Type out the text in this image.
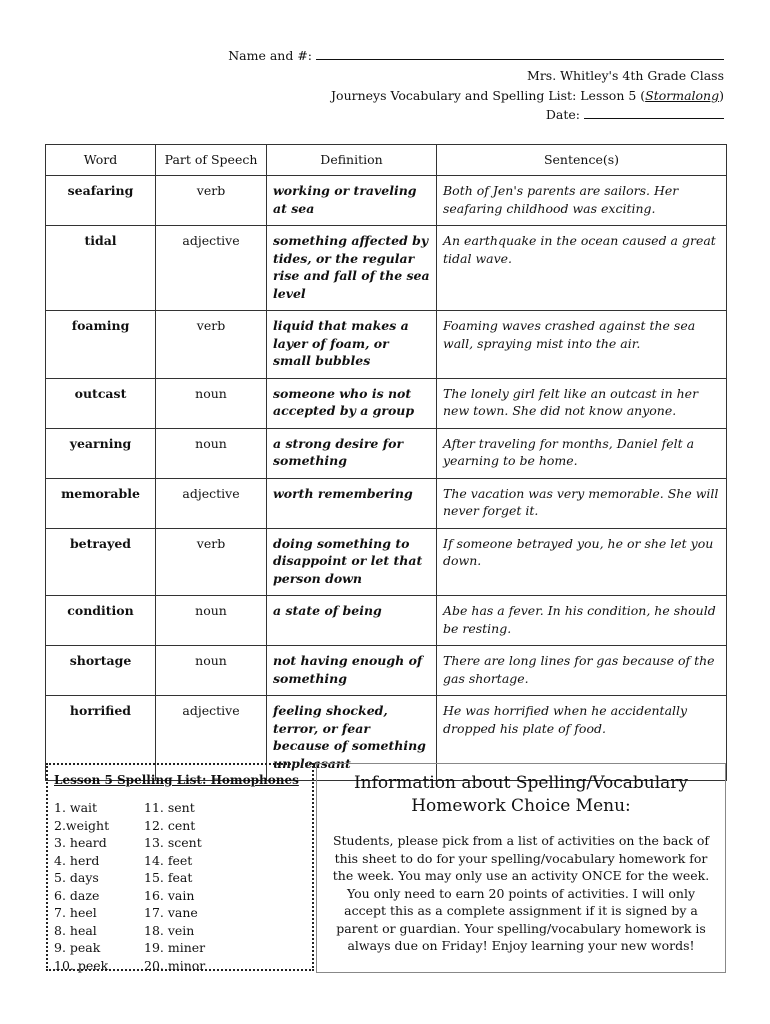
Name and #:
Mrs. Whitley's 4th Grade Class
Journeys Vocabulary and Spelling List: Lesson 5 (Stormalong)
Date:
Word	Part of Speech	Definition	Sentence(s)
seafaring	verb	working or traveling at sea	Both of Jen's parents are sailors. Her seafaring childhood was exciting.
tidal	adjective	something affected by tides, or the regular rise and fall of the sea level	An earthquake in the ocean caused a great tidal wave.
foaming	verb	liquid that makes a layer of foam, or small bubbles	Foaming waves crashed against the sea wall, spraying mist into the air.
outcast	noun	someone who is not accepted by a group	The lonely girl felt like an outcast in her new town. She did not know anyone.
yearning	noun	a strong desire for something	After traveling for months, Daniel felt a yearning to be home.
memorable	adjective	worth remembering	The vacation was very memorable. She will never forget it.
betrayed	verb	doing something to disappoint or let that person down	If someone betrayed you, he or she let you down.
condition	noun	a state of being	Abe has a fever. In his condition, he should be resting.
shortage	noun	not having enough of something	There are long lines for gas because of the gas shortage.
horrified	adjective	feeling shocked, terror, or fear because of something unpleasant	He was horrified when he accidentally dropped his plate of food.
Lesson 5 Spelling List: Homophones
1. wait
2.weight
3. heard
4. herd
5. days
6. daze
7. heel
8. heal
9. peak
10. peek
11. sent
12. cent
13. scent
14. feet
15. feat
16. vain
17. vane
18. vein
19. miner
20. minor

Information about Spelling/Vocabulary Homework Choice Menu:

Students, please pick from a list of activities on the back of this sheet to do for your spelling/vocabulary homework for the week. You may only use an activity ONCE for the week. You only need to earn 20 points of activities. I will only accept this as a complete assignment if it is signed by a parent or guardian. Your spelling/vocabulary homework is always due on Friday! Enjoy learning your new words!
